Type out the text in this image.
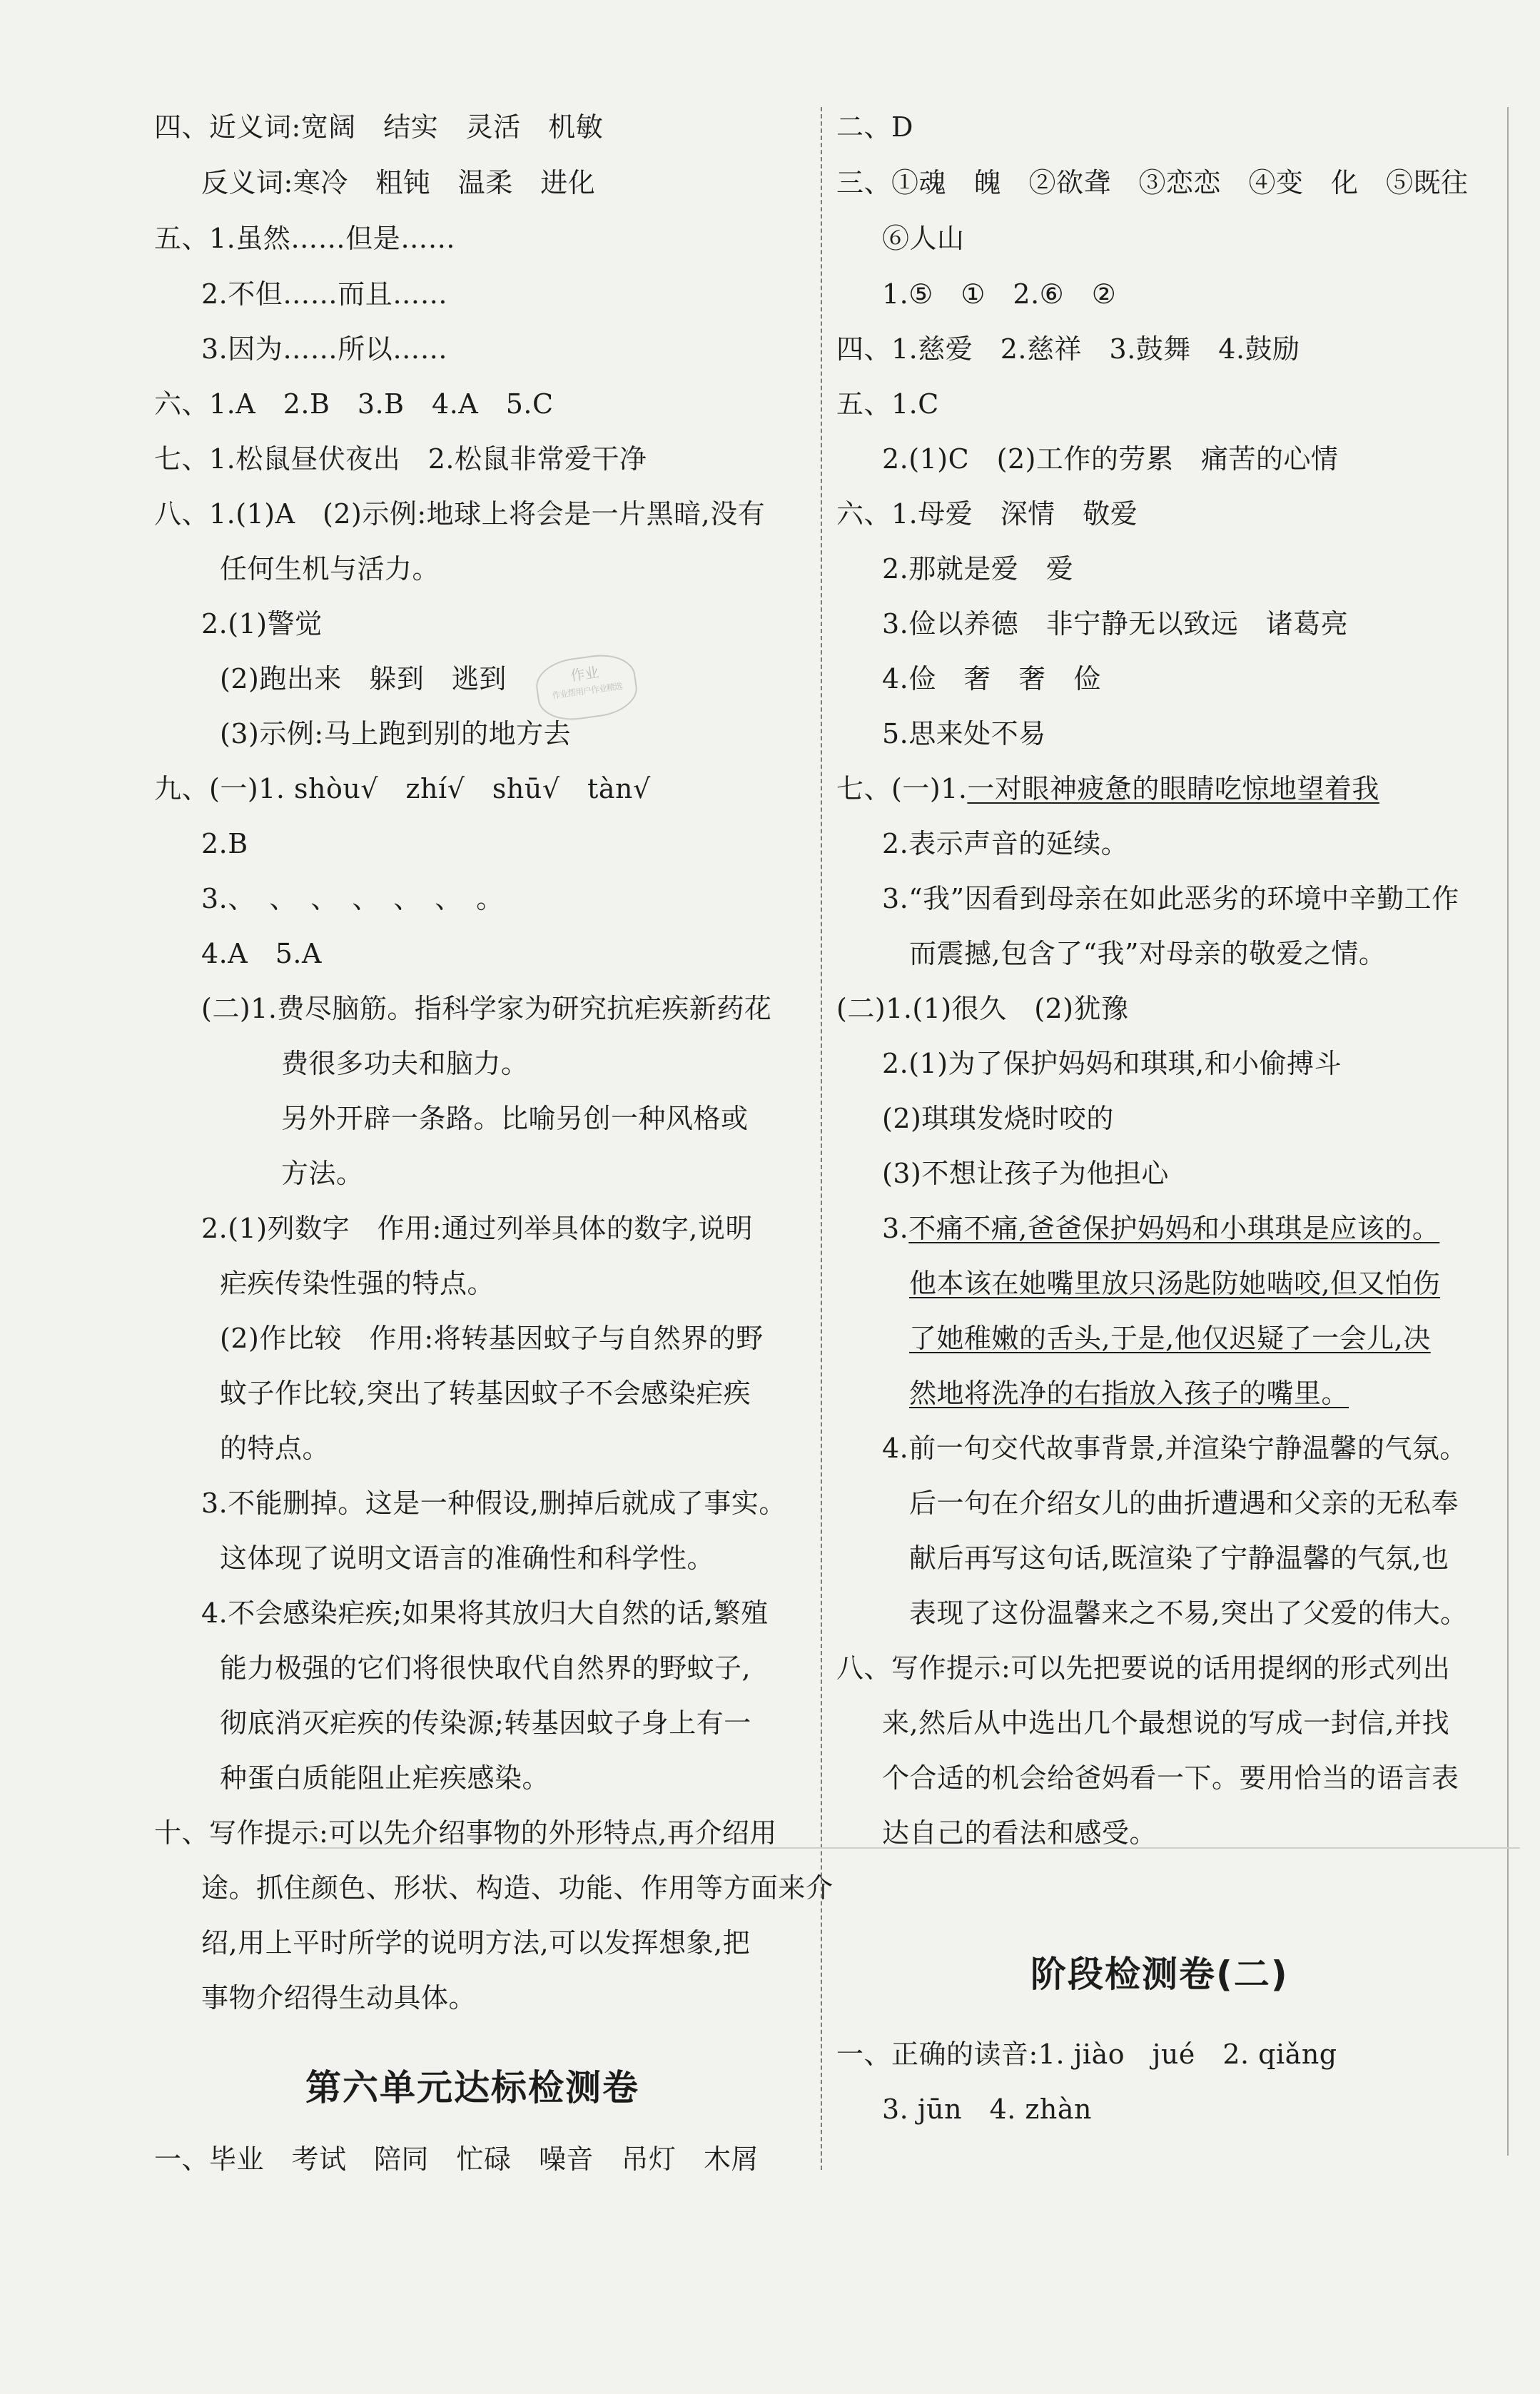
四、近义词:宽阔　结实　灵活　机敏
反义词:寒冷　粗钝　温柔　进化
五、1.虽然……但是……
2.不但……而且……
3.因为……所以……
六、1.A　2.B　3.B　4.A　5.C
七、1.松鼠昼伏夜出　2.松鼠非常爱干净
八、1.(1)A　(2)示例:地球上将会是一片黑暗,没有
任何生机与活力。
2.(1)警觉
(2)跑出来　躲到　逃到
(3)示例:马上跑到别的地方去
九、(一)1. shòu√　zhí√　shū√　tàn√
2.B
3.、　、　、　、　、　、　。
4.A　5.A
(二)1.费尽脑筋。指科学家为研究抗疟疾新药花
费很多功夫和脑力。
另外开辟一条路。比喻另创一种风格或
方法。
2.(1)列数字　作用:通过列举具体的数字,说明
疟疾传染性强的特点。
(2)作比较　作用:将转基因蚊子与自然界的野
蚊子作比较,突出了转基因蚊子不会感染疟疾
的特点。
3.不能删掉。这是一种假设,删掉后就成了事实。
这体现了说明文语言的准确性和科学性。
4.不会感染疟疾;如果将其放归大自然的话,繁殖
能力极强的它们将很快取代自然界的野蚊子,
彻底消灭疟疾的传染源;转基因蚊子身上有一
种蛋白质能阻止疟疾感染。
十、写作提示:可以先介绍事物的外形特点,再介绍用
途。抓住颜色、形状、构造、功能、作用等方面来介
绍,用上平时所学的说明方法,可以发挥想象,把
事物介绍得生动具体。
第六单元达标检测卷
一、毕业　考试　陪同　忙碌　噪音　吊灯　木屑
二、D
三、①魂　魄　②欲聋　③恋恋　④变　化　⑤既往
⑥人山
1.⑤　①　2.⑥　②
四、1.慈爱　2.慈祥　3.鼓舞　4.鼓励
五、1.C
2.(1)C　(2)工作的劳累　痛苦的心情
六、1.母爱　深情　敬爱
2.那就是爱　爱
3.俭以养德　非宁静无以致远　诸葛亮
4.俭　奢　奢　俭
5.思来处不易
七、(一)1.一对眼神疲惫的眼睛吃惊地望着我
2.表示声音的延续。
3.“我”因看到母亲在如此恶劣的环境中辛勤工作
而震撼,包含了“我”对母亲的敬爱之情。
(二)1.(1)很久　(2)犹豫
2.(1)为了保护妈妈和琪琪,和小偷搏斗
(2)琪琪发烧时咬的
(3)不想让孩子为他担心
3.不痛不痛,爸爸保护妈妈和小琪琪是应该的。
他本该在她嘴里放只汤匙防她啮咬,但又怕伤
了她稚嫩的舌头,于是,他仅迟疑了一会儿,决
然地将洗净的右指放入孩子的嘴里。
4.前一句交代故事背景,并渲染宁静温馨的气氛。
后一句在介绍女儿的曲折遭遇和父亲的无私奉
献后再写这句话,既渲染了宁静温馨的气氛,也
表现了这份温馨来之不易,突出了父爱的伟大。
八、写作提示:可以先把要说的话用提纲的形式列出
来,然后从中选出几个最想说的写成一封信,并找
个合适的机会给爸妈看一下。要用恰当的语言表
达自己的看法和感受。
阶段检测卷(二)
一、正确的读音:1. jiào　jué　2. qiǎng
3. jūn　4. zhàn
作业
作业帮用户作业精选
